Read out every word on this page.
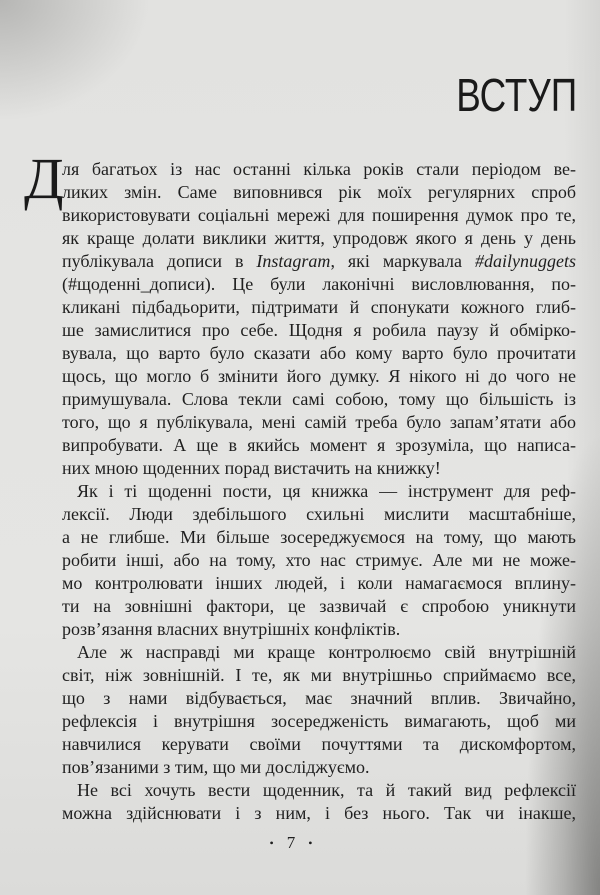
ВСТУП
Д
ля багатьох із нас останні кілька років стали періодом ве-
ликих змін. Саме виповнився рік моїх регулярних спроб
використовувати соціальні мережі для поширення думок про те,
як краще долати виклики життя, упродовж якого я день у день
публікувала дописи в Instagram, які маркувала #dailynuggets
(#щоденні_дописи). Це були лаконічні висловлювання, по-
кликані підбадьорити, підтримати й спонукати кожного глиб-
ше замислитися про себе. Щодня я робила паузу й обмірко-
вувала, що варто було сказати або кому варто було прочитати
щось, що могло б змінити його думку. Я нікого ні до чого не
примушувала. Слова текли самі собою, тому що більшість із
того, що я публікувала, мені самій треба було запам’ятати або
випробувати. А ще в якийсь момент я зрозуміла, що написа-
них мною щоденних порад вистачить на книжку!
Як і ті щоденні пости, ця книжка — інструмент для реф-
лексії. Люди здебільшого схильні мислити масштабніше,
а не глибше. Ми більше зосереджуємося на тому, що мають
робити інші, або на тому, хто нас стримує. Але ми не може-
мо контролювати інших людей, і коли намагаємося вплину-
ти на зовнішні фактори, це зазвичай є спробою уникнути
розв’язання власних внутрішніх конфліктів.
Але ж насправді ми краще контролюємо свій внутрішній
світ, ніж зовнішній. І те, як ми внутрішньо сприймаємо все,
що з нами відбувається, має значний вплив. Звичайно,
рефлексія і внутрішня зосередженість вимагають, щоб ми
навчилися керувати своїми почуттями та дискомфортом,
пов’язаними з тим, що ми досліджуємо.
Не всі хочуть вести щоденник, та й такий вид рефлексії
можна здійснювати і з ним, і без нього. Так чи інакше,
• 7 •
